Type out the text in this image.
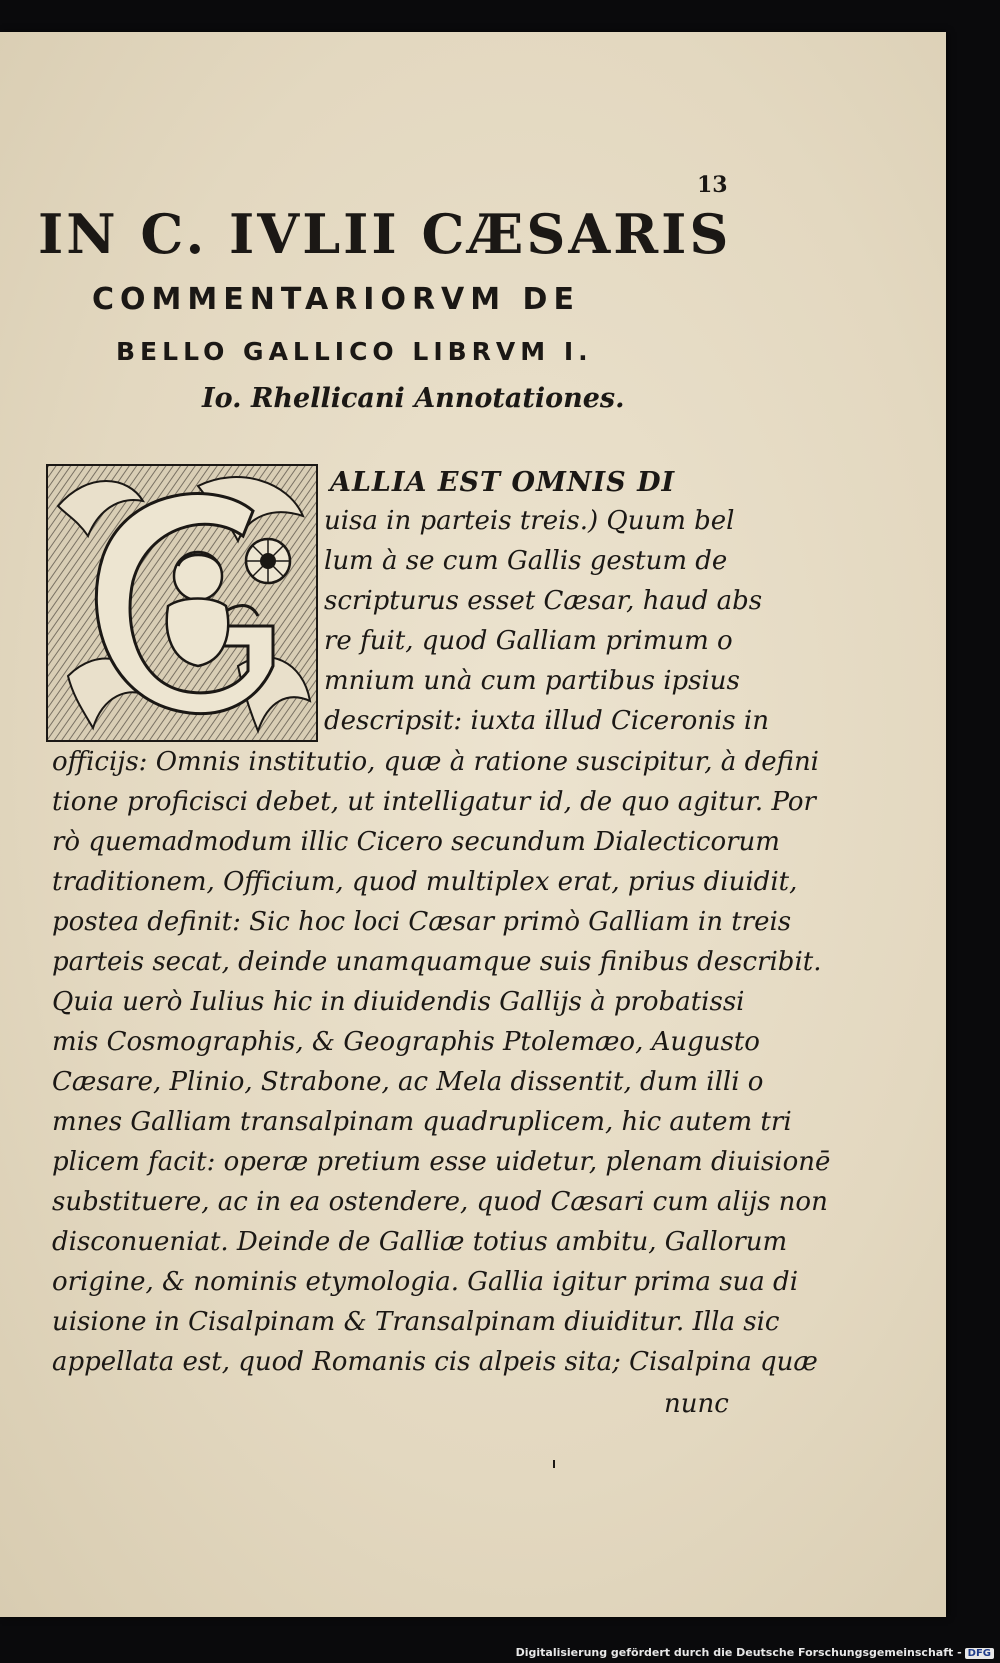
13
IN C. IVLII CÆSARIS
COMMENTARIORVM DE
BELLO GALLICO LIBRVM I.
Io. Rhellicani Annotationes.
ALLIA EST OMNIS DI
uisa in parteis treis.) Quum bel
lum à se cum Gallis gestum de
scripturus esset Cæsar, haud abs
re fuit, quod Galliam primum o
mnium unà cum partibus ipsius
descripsit: iuxta illud Ciceronis in
officijs: Omnis institutio, quæ à ratione suscipitur, à defini
tione proficisci debet, ut intelligatur id, de quo agitur. Por
rò quemadmodum illic Cicero secundum Dialecticorum
traditionem, Officium, quod multiplex erat, prius diuidit,
postea definit: Sic hoc loci Cæsar primò Galliam in treis
parteis secat, deinde unamquamque suis finibus describit.
Quia uerò Iulius hic in diuidendis Gallijs à probatissi
mis Cosmographis, & Geographis Ptolemæo, Augusto
Cæsare, Plinio, Strabone, ac Mela dissentit, dum illi o
mnes Galliam transalpinam quadruplicem, hic autem tri
plicem facit: operæ pretium esse uidetur, plenam diuisionē
substituere, ac in ea ostendere, quod Cæsari cum alijs non
disconueniat. Deinde de Galliæ totius ambitu, Gallorum
origine, & nominis etymologia. Gallia igitur prima sua di
uisione in Cisalpinam & Transalpinam diuiditur. Illa sic
appellata est, quod Romanis cis alpeis sita; Cisalpina quæ
nunc
Digitalisierung gefördert durch die Deutsche Forschungsgemeinschaft - DFG
